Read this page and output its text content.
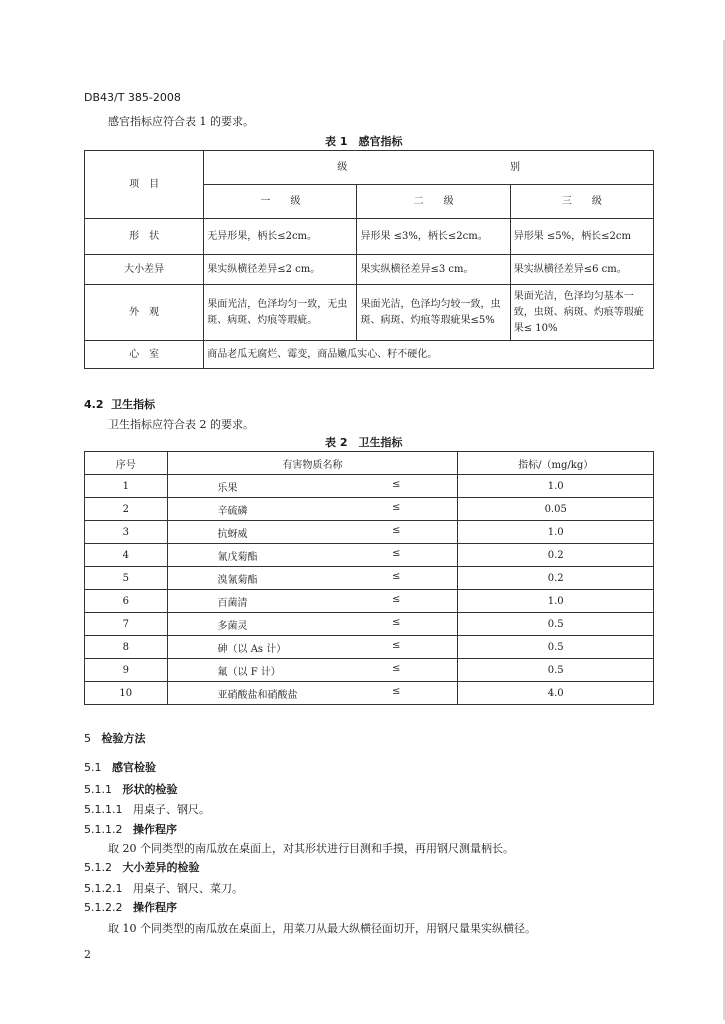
DB43/T 385-2008
感官指标应符合表 1 的要求。
表 1　感官指标
项　目	级 别		

	一　　级	二　　级	三　　级
形　状	无异形果，柄长≤2cm。	异形果 ≤3%，柄长≤2cm。	异形果 ≤5%，柄长≤2cm
大小差异	果实纵横径差异≤2 cm。	果实纵横径差异≤3 cm。	果实纵横径差异≤6 cm。
外　观	果面光洁，色泽均匀一致，无虫斑、病斑、灼痕等瑕疵。	果面光洁，色泽均匀较一致，虫斑、病斑、灼痕等瑕疵果≤5%	果面光洁，色泽均匀基本一致，虫斑、病斑、灼痕等瑕疵果≤ 10%
心　室	商品老瓜无腐烂、霉变，商品嫩瓜实心、籽不硬化。		
4.2 卫生指标
卫生指标应符合表 2 的要求。
表 2　卫生指标
序号	有害物质名称	指标/（mg/kg）
1	乐果 ≤	1.0
2	辛硫磷 ≤	0.05
3	抗蚜威 ≤	1.0
4	氰戊菊酯 ≤	0.2
5	溴氰菊酯 ≤	0.2
6	百菌清 ≤	1.0
7	多菌灵 ≤	0.5
8	砷（以 As 计） ≤	0.5
9	氟（以 F 计） ≤	0.5
10	亚硝酸盐和硝酸盐 ≤	4.0
5 检验方法
5.1 感官检验
5.1.1 形状的检验
5.1.1.1 用桌子、钢尺。
5.1.1.2 操作程序
取 20 个同类型的南瓜放在桌面上，对其形状进行目测和手摸，再用钢尺测量柄长。
5.1.2 大小差异的检验
5.1.2.1 用桌子、钢尺、菜刀。
5.1.2.2 操作程序
取 10 个同类型的南瓜放在桌面上，用菜刀从最大纵横径面切开，用钢尺量果实纵横径。
2
